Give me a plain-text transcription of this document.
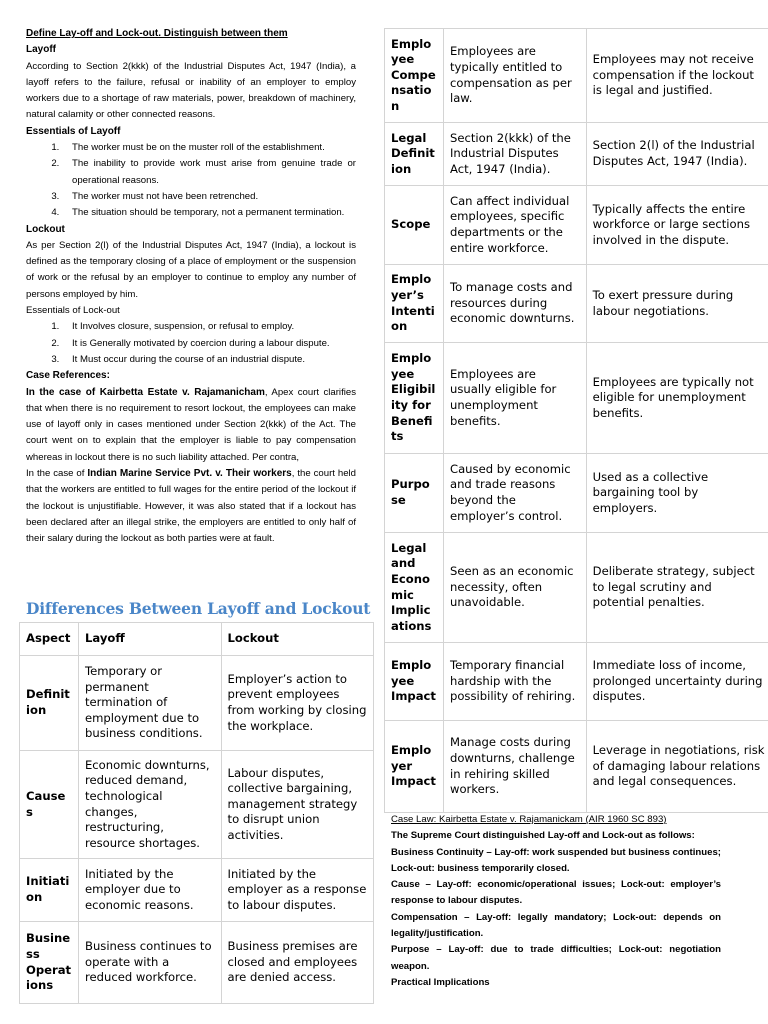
Define Lay-off and Lock-out. Distinguish between them
Layoff
According to Section 2(kkk) of the Industrial Disputes Act, 1947 (India), a layoff refers to the failure, refusal or inability of an employer to employ workers due to a shortage of raw materials, power, breakdown of machinery, natural calamity or other connected reasons.
Essentials of Layoff
1. The worker must be on the muster roll of the establishment.
2. The inability to provide work must arise from genuine trade or operational reasons.
3. The worker must not have been retrenched.
4. The situation should be temporary, not a permanent termination.
Lockout
As per Section 2(l) of the Industrial Disputes Act, 1947 (India), a lockout is defined as the temporary closing of a place of employment or the suspension of work or the refusal by an employer to continue to employ any number of persons employed by him.
Essentials of Lock-out
1. It Involves closure, suspension, or refusal to employ.
2. It is Generally motivated by coercion during a labour dispute.
3. It Must occur during the course of an industrial dispute.
Case References:
In the case of Kairbetta Estate v. Rajamanicham, Apex court clarifies that when there is no requirement to resort lockout, the employees can make use of layoff only in cases mentioned under Section 2(kkk) of the Act. The court went on to explain that the employer is liable to pay compensation whereas in lockout there is no such liability attached. Per contra,
In the case of Indian Marine Service Pvt. v. Their workers, the court held that the workers are entitled to full wages for the entire period of the lockout if the lockout is unjustifiable. However, it was also stated that if a lockout has been declared after an illegal strike, the employers are entitled to only half of their salary during the lockout as both parties were at fault.
Differences Between Layoff and Lockout
Aspect	Layoff	Lockout
Definit ion	Temporary or permanent termination of employment due to business conditions.	Employer’s action to prevent employees from working by closing the workplace.
Cause s	Economic downturns, reduced demand, technological changes, restructuring, resource shortages.	Labour disputes, collective bargaining, management strategy to disrupt union activities.
Initiati on	Initiated by the employer due to economic reasons.	Initiated by the employer as a response to labour disputes.
Busine ss Operat ions	Business continues to operate with a reduced workforce.	Business premises are closed and employees are denied access.
Emplo yee Compe nsatio n	Employees are typically entitled to compensation as per law.	Employees may not receive compensation if the lockout is legal and justified.
Legal Definit ion	Section 2(kkk) of the Industrial Disputes Act, 1947 (India).	Section 2(l) of the Industrial Disputes Act, 1947 (India).
Scope	Can affect individual employees, specific departments or the entire workforce.	Typically affects the entire workforce or large sections involved in the dispute.
Emplo yer’s Intenti on	To manage costs and resources during economic downturns.	To exert pressure during labour negotiations.
Emplo yee Eligibil ity for Benefi ts	Employees are usually eligible for unemployment benefits.	Employees are typically not eligible for unemployment benefits.
Purpo se	Caused by economic and trade reasons beyond the employer’s control.	Used as a collective bargaining tool by employers.
Legal and Econo mic Implic ations	Seen as an economic necessity, often unavoidable.	Deliberate strategy, subject to legal scrutiny and potential penalties.
Emplo yee Impact	Temporary financial hardship with the possibility of rehiring.	Immediate loss of income, prolonged uncertainty during disputes.
Emplo yer Impact	Manage costs during downturns, challenge in rehiring skilled workers.	Leverage in negotiations, risk of damaging labour relations and legal consequences.
Case Law: Kairbetta Estate v. Rajamanickam (AIR 1960 SC 893)
The Supreme Court distinguished Lay-off and Lock-out as follows:
Business Continuity – Lay-off: work suspended but business continues; Lock-out: business temporarily closed.
Cause – Lay-off: economic/operational issues; Lock-out: employer’s response to labour disputes.
Compensation – Lay-off: legally mandatory; Lock-out: depends on legality/justification.
Purpose – Lay-off: due to trade difficulties; Lock-out: negotiation weapon.
Practical Implications
